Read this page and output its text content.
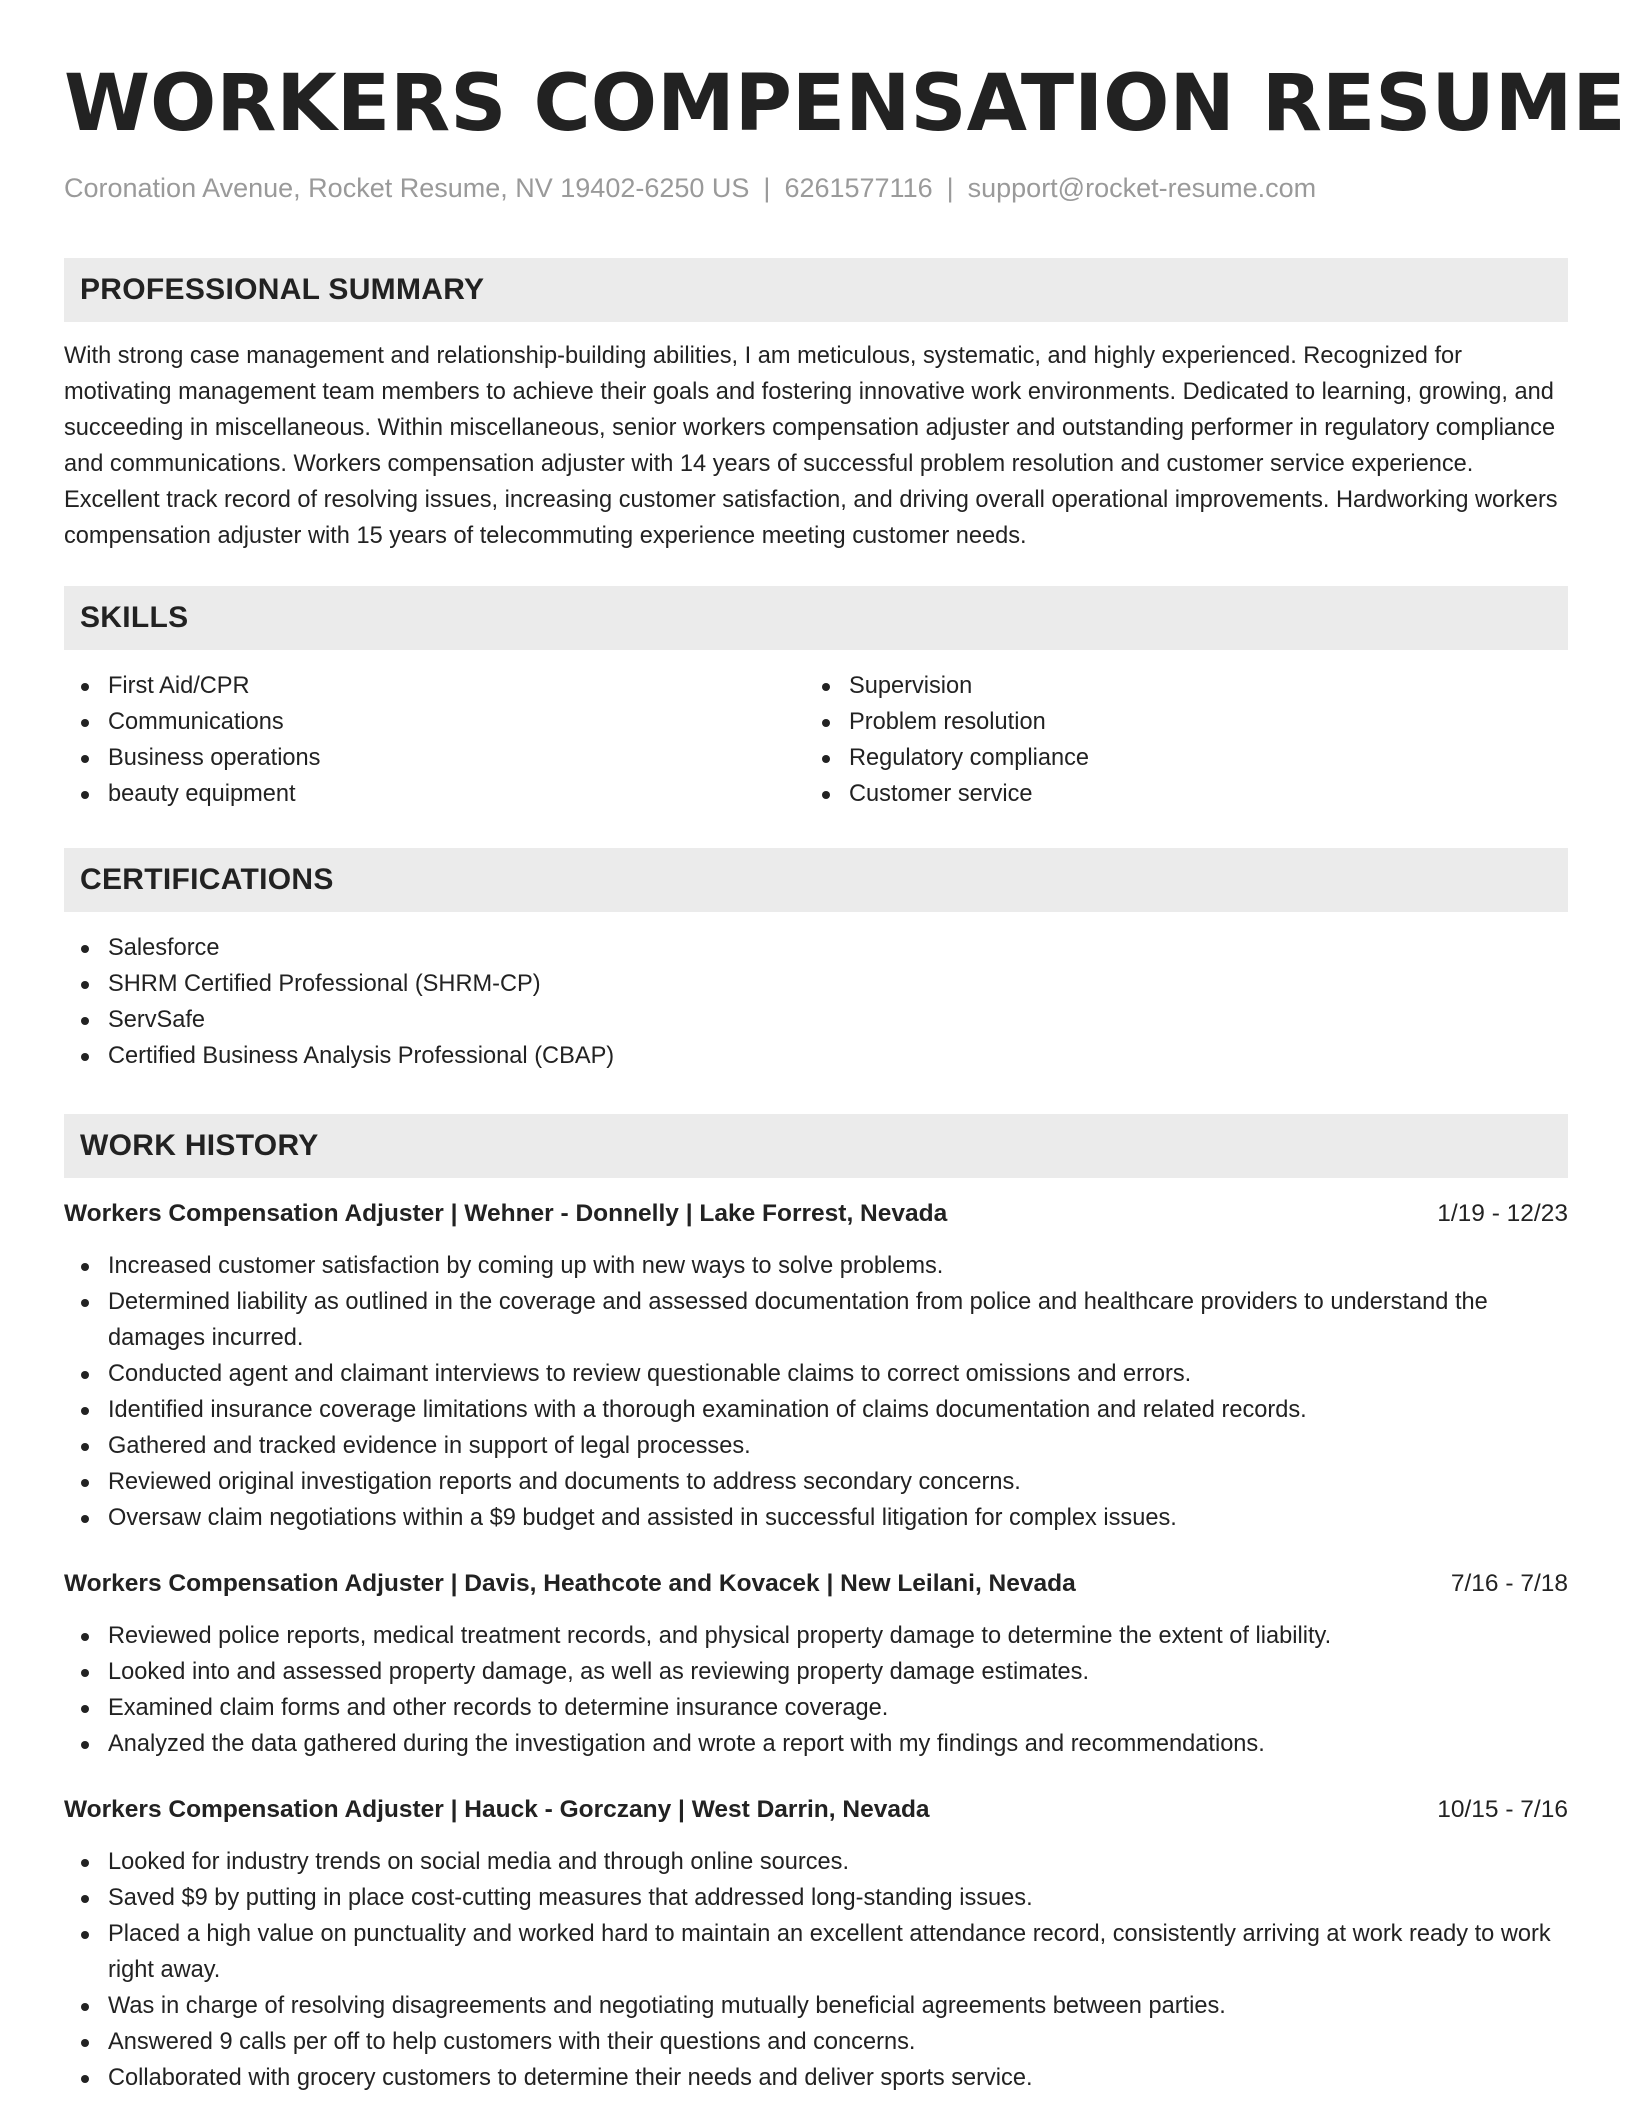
WORKERS COMPENSATION RESUME
Coronation Avenue, Rocket Resume, NV 19402-6250 US | 6261577116 | support@rocket-resume.com
PROFESSIONAL SUMMARY

With strong case management and relationship-building abilities, I am meticulous, systematic, and highly experienced. Recognized for motivating management team members to achieve their goals and fostering innovative work environments. Dedicated to learning, growing, and succeeding in miscellaneous. Within miscellaneous, senior workers compensation adjuster and outstanding performer in regulatory compliance and communications. Workers compensation adjuster with 14 years of successful problem resolution and customer service experience. Excellent track record of resolving issues, increasing customer satisfaction, and driving overall operational improvements. Hardworking workers compensation adjuster with 15 years of telecommuting experience meeting customer needs.

SKILLS
First Aid/CPR
Communications
Business operations
beauty equipment
Supervision
Problem resolution
Regulatory compliance
Customer service
CERTIFICATIONS
Salesforce
SHRM Certified Professional (SHRM-CP)
ServSafe
Certified Business Analysis Professional (CBAP)
WORK HISTORY
Workers Compensation Adjuster | Wehner - Donnelly | Lake Forrest, Nevada	1/19 - 12/23
Increased customer satisfaction by coming up with new ways to solve problems.
Determined liability as outlined in the coverage and assessed documentation from police and healthcare providers to understand the damages incurred.
Conducted agent and claimant interviews to review questionable claims to correct omissions and errors.
Identified insurance coverage limitations with a thorough examination of claims documentation and related records.
Gathered and tracked evidence in support of legal processes.
Reviewed original investigation reports and documents to address secondary concerns.
Oversaw claim negotiations within a $9 budget and assisted in successful litigation for complex issues.
Workers Compensation Adjuster | Davis, Heathcote and Kovacek | New Leilani, Nevada	7/16 - 7/18
Reviewed police reports, medical treatment records, and physical property damage to determine the extent of liability.
Looked into and assessed property damage, as well as reviewing property damage estimates.
Examined claim forms and other records to determine insurance coverage.
Analyzed the data gathered during the investigation and wrote a report with my findings and recommendations.
Workers Compensation Adjuster | Hauck - Gorczany | West Darrin, Nevada	10/15 - 7/16
Looked for industry trends on social media and through online sources.
Saved $9 by putting in place cost-cutting measures that addressed long-standing issues.
Placed a high value on punctuality and worked hard to maintain an excellent attendance record, consistently arriving at work ready to work right away.
Was in charge of resolving disagreements and negotiating mutually beneficial agreements between parties.
Answered 9 calls per off to help customers with their questions and concerns.
Collaborated with grocery customers to determine their needs and deliver sports service.
